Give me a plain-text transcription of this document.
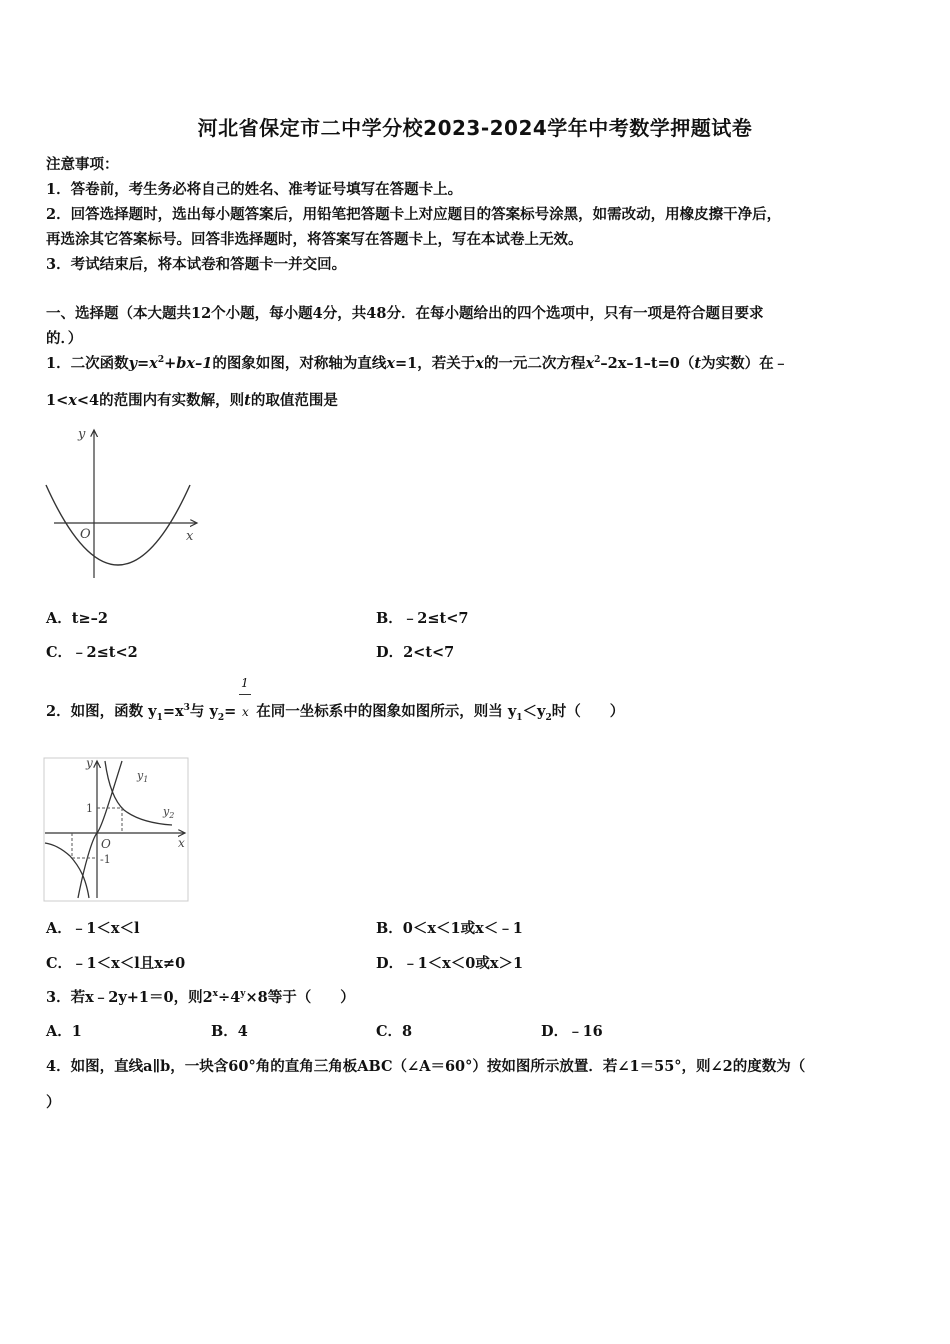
河北省保定市二中学分校2023-2024学年中考数学押题试卷
注意事项：
1．答卷前，考生务必将自己的姓名、准考证号填写在答题卡上。
2．回答选择题时，选出每小题答案后，用铅笔把答题卡上对应题目的答案标号涂黑，如需改动，用橡皮擦干净后，
再选涂其它答案标号。回答非选择题时，将答案写在答题卡上，写在本试卷上无效。
3．考试结束后，将本试卷和答题卡一并交回。
一、选择题（本大题共12个小题，每小题4分，共48分．在每小题给出的四个选项中，只有一项是符合题目要求
的．）
1．二次函数$y=x^2+bx-1$的图象如图，对称轴为直线x=1，若关于x的一元二次方程$x^2-2x-1-t=0(t$为实数）在﹣
1<x<4的范围内有实数解，则t的取值范围是
y
x
O
A．t≥–2	B．﹣2≤t<7
C．﹣2≤t<2	D．2<t<7
1
x
2．如图，函数 $y_1=x^3$与 $y_2=$ 在同一坐标系中的图象如图所示，则当 $y_1<y_2$时（　　）
y
x
O
1
-1
$y_1$
$y_2$
A．﹣1＜x＜l	B．0＜x＜1或x＜﹣1
C．﹣1＜x＜l且x≠0	D．﹣1＜x＜0或x＞1
3．若x﹣2y+1＝0，则$2^x\div 4^y\times 8$等于（　　）
A．1	B．4	C．8	D．﹣16
4．如图，直线a∥b，一块含60°角的直角三角板ABC（∠A＝60°）按如图所示放置．若∠1＝55°，则∠2的度数为（
）
